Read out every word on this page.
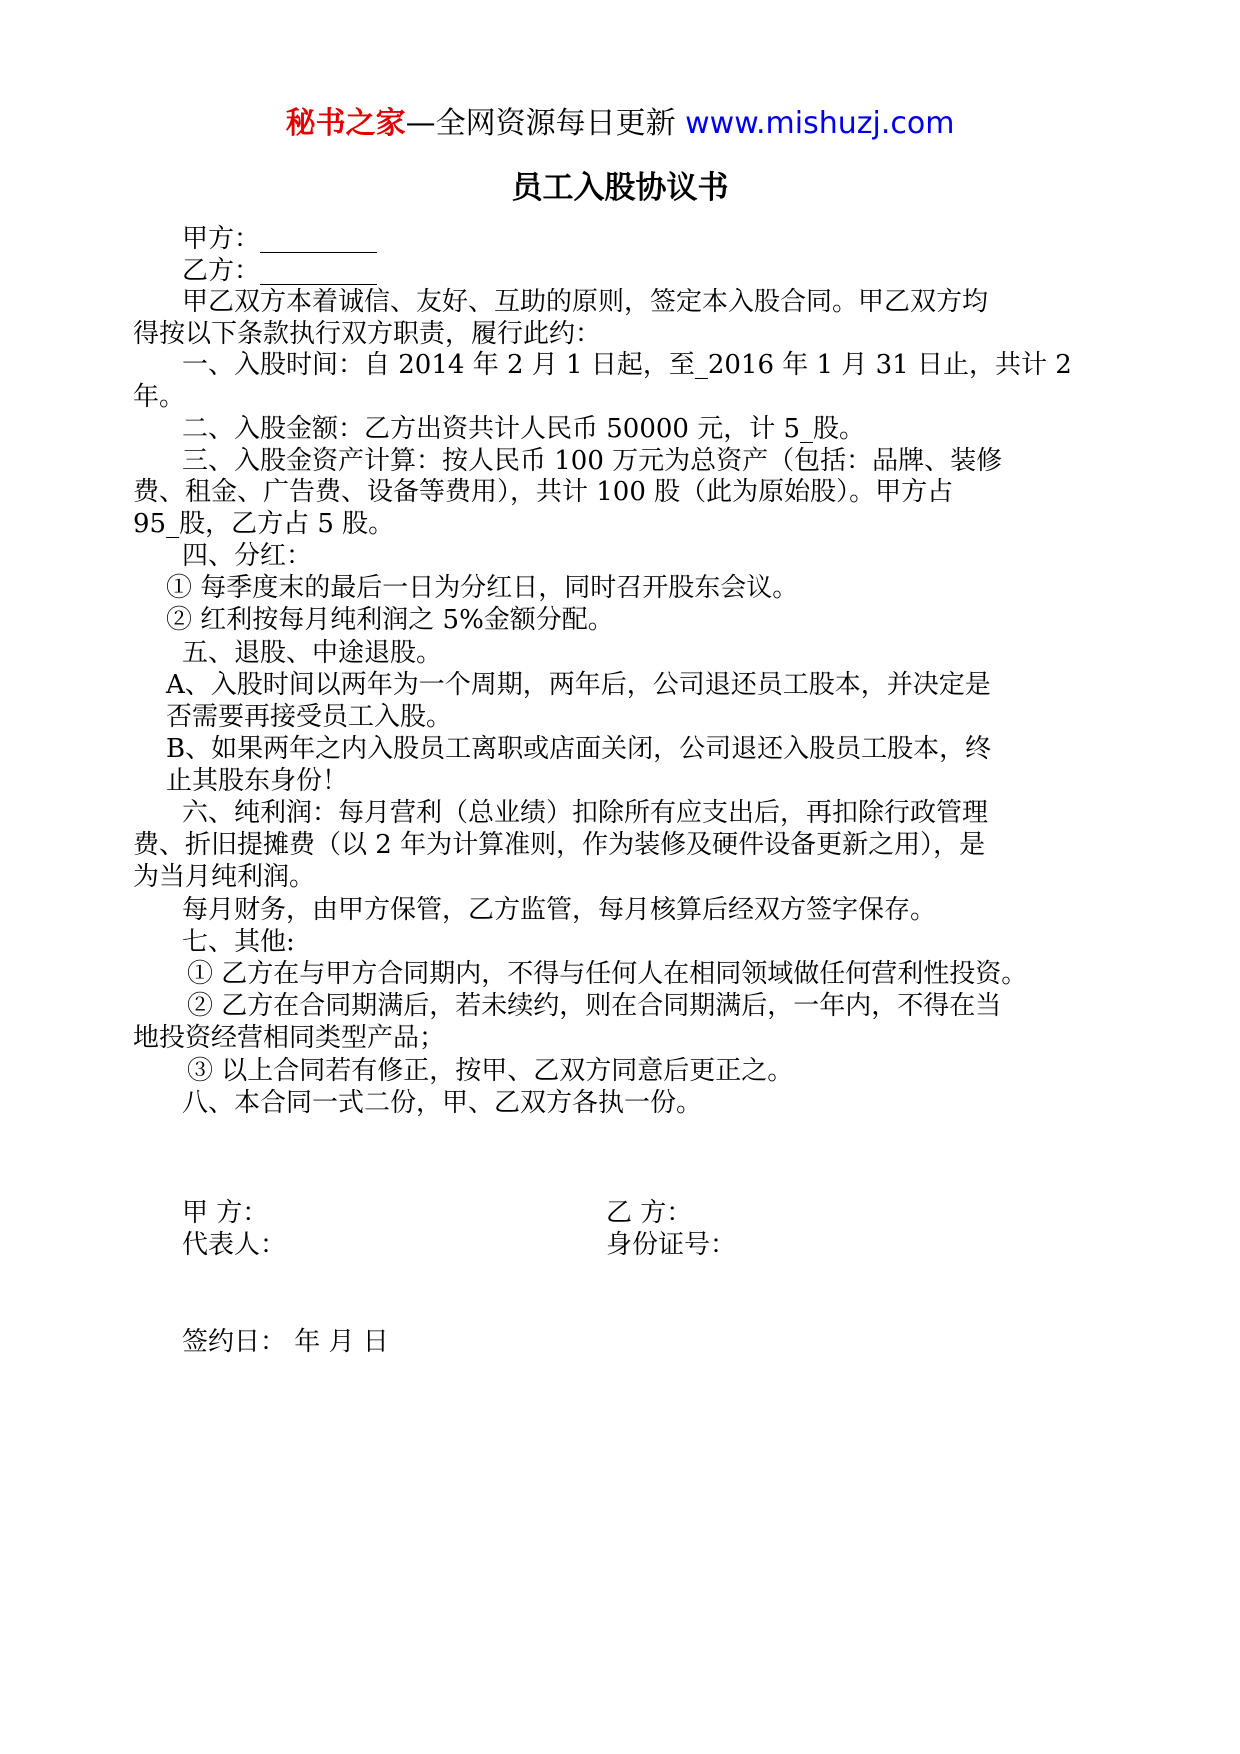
秘书之家—全网资源每日更新 www.mishuzj.com
员工入股协议书
甲方：_________
乙方：_________
甲乙双方本着诚信、友好、互助的原则，签定本入股合同。甲乙双方均
得按以下条款执行双方职责，履行此约：
一、入股时间：自 2014 年 2 月 1 日起，至_2016 年 1 月 31 日止，共计 2
年。
二、入股金额：乙方出资共计人民币 50000 元，计 5_股。
三、入股金资产计算：按人民币 100 万元为总资产（包括：品牌、装修
费、租金、广告费、设备等费用），共计 100 股（此为原始股）。甲方占
95_股，乙方占 5 股。
四、分红：
① 每季度末的最后一日为分红日，同时召开股东会议。
② 红利按每月纯利润之 5%金额分配。
五、退股、中途退股。
A、入股时间以两年为一个周期，两年后，公司退还员工股本，并决定是
否需要再接受员工入股。
B、如果两年之内入股员工离职或店面关闭，公司退还入股员工股本，终
止其股东身份！
六、纯利润：每月营利（总业绩）扣除所有应支出后，再扣除行政管理
费、折旧提摊费（以 2 年为计算准则，作为装修及硬件设备更新之用），是
为当月纯利润。
每月财务，由甲方保管，乙方监管，每月核算后经双方签字保存。
七、其他:
① 乙方在与甲方合同期内，不得与任何人在相同领域做任何营利性投资。
② 乙方在合同期满后，若未续约，则在合同期满后，一年内，不得在当
地投资经营相同类型产品；
③ 以上合同若有修正，按甲、乙双方同意后更正之。
八、本合同一式二份，甲、乙双方各执一份。
甲 方：	乙 方：
代表人：	身份证号：
签约日： 年 月 日
